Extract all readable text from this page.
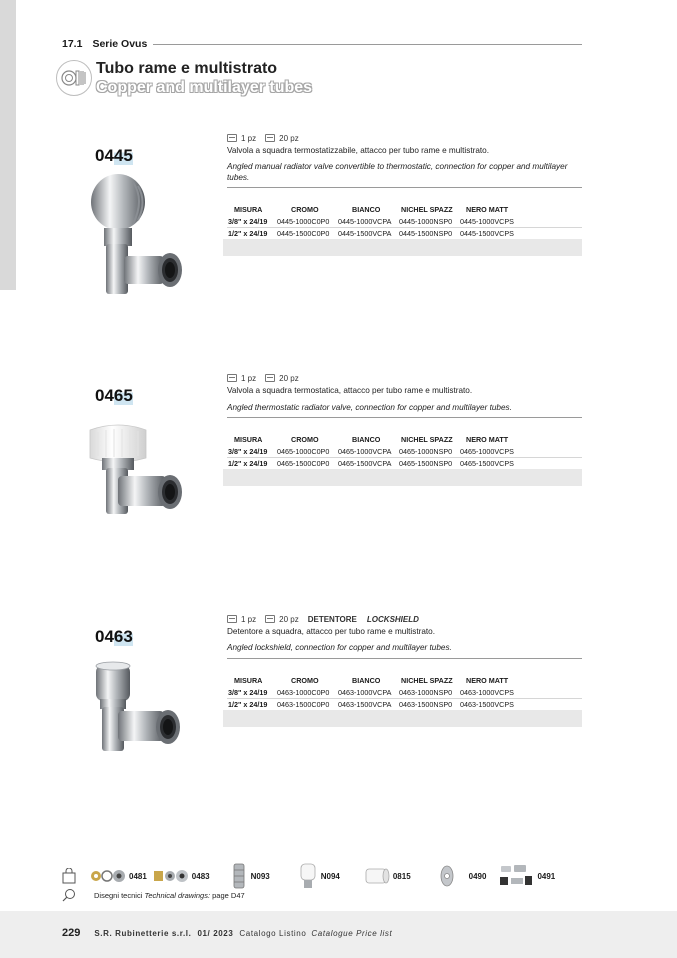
17.1 Serie Ovus
Tubo rame e multistrato
Copper and multilayer tubes
1 pz	20 pz
0445	Valvola a squadra termostatizzabile, attacco per tubo rame e multistrato.
Angled manual radiator valve convertible to thermostatic, connection for copper and multilayer tubes.
MISURA	CROMO	BIANCO	NICHEL SPAZZ	NERO MATT
3/8" x 24/19	0445-1000C0P0	0445-1000VCPA	0445-1000NSP0	0445-1000VCPS
1/2" x 24/19	0445-1500C0P0	0445-1500VCPA	0445-1500NSP0	0445-1500VCPS
1 pz	20 pz
0465	Valvola a squadra termostatica, attacco per tubo rame e multistrato.
Angled thermostatic radiator valve, connection for copper and multilayer tubes.
MISURA	CROMO	BIANCO	NICHEL SPAZZ	NERO MATT
3/8" x 24/19	0465-1000C0P0	0465-1000VCPA	0465-1000NSP0	0465-1000VCPS
1/2" x 24/19	0465-1500C0P0	0465-1500VCPA	0465-1500NSP0	0465-1500VCPS
1 pz	20 pz DETENTORE LOCKSHIELD
0463	Detentore a squadra, attacco per tubo rame e multistrato.
Angled lockshield, connection for copper and multilayer tubes.
MISURA	CROMO	BIANCO	NICHEL SPAZZ	NERO MATT
3/8" x 24/19	0463-1000C0P0	0463-1000VCPA	0463-1000NSP0	0463-1000VCPS
1/2" x 24/19	0463-1500C0P0	0463-1500VCPA	0463-1500NSP0	0463-1500VCPS
0481	0483	N093	N094	0815	0490	0491
Disegni tecnici
Technical drawings:
page D47
229 S.R. Rubinetterie s.r.l. 01/ 2023 Catalogo Listino Catalogue Price list
